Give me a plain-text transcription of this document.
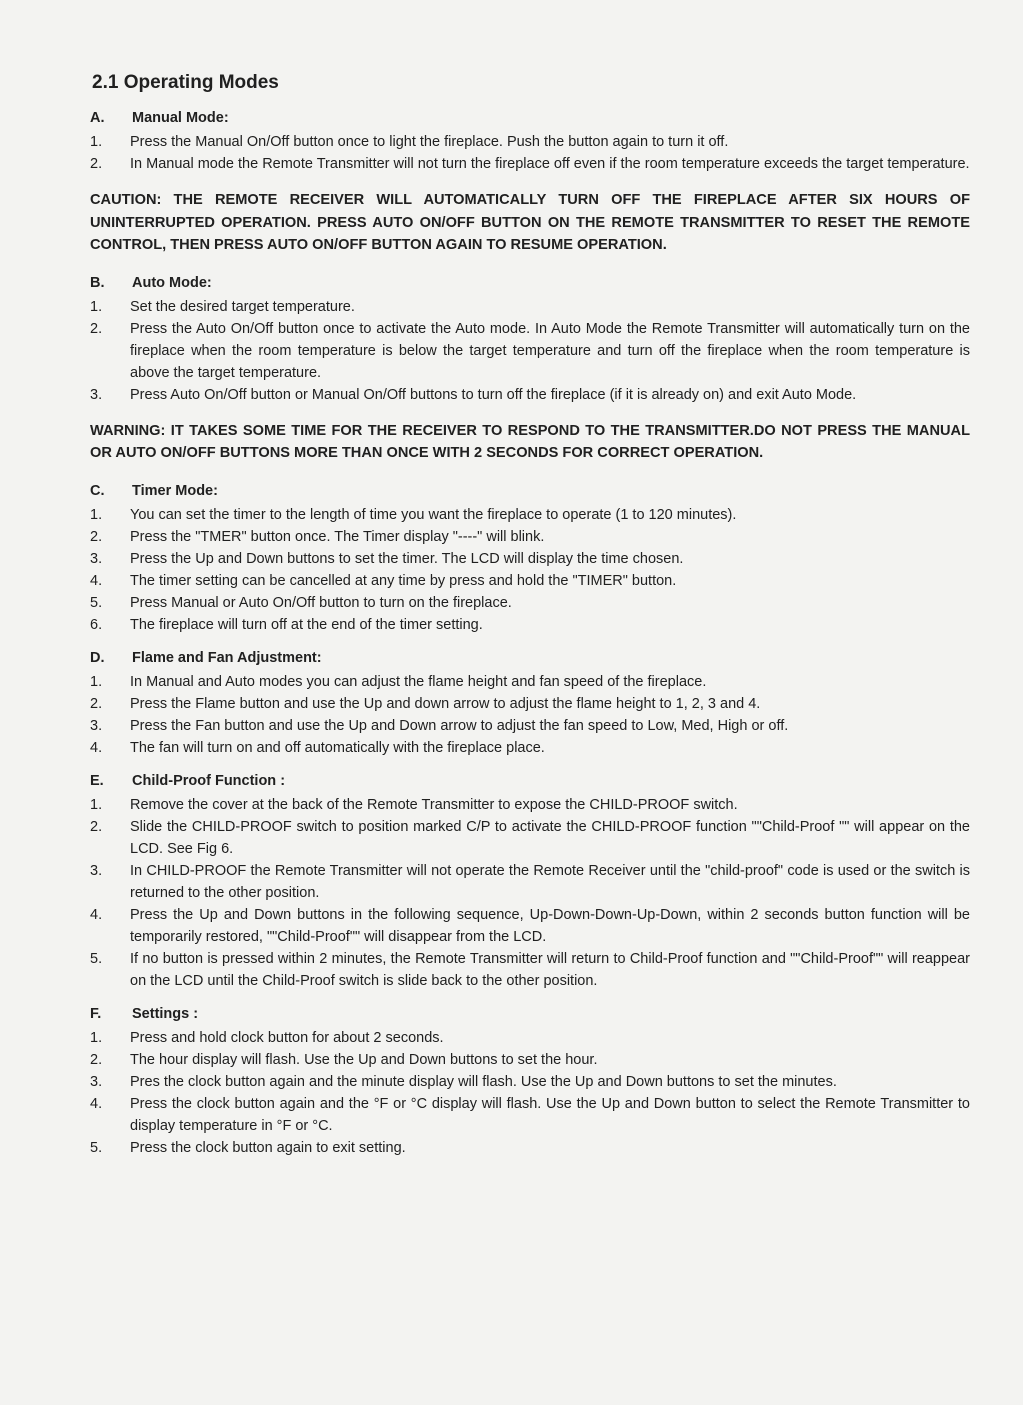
2.1 Operating Modes
A.	Manual Mode:
1.	Press the Manual On/Off button once to light the fireplace. Push the button again to turn it off.
2.	In Manual mode the Remote Transmitter will not turn the fireplace off even if the room temperature exceeds the target temperature.
CAUTION: THE REMOTE RECEIVER WILL AUTOMATICALLY TURN OFF THE FIREPLACE AFTER SIX HOURS OF UNINTERRUPTED OPERATION. PRESS AUTO ON/OFF BUTTON ON THE REMOTE TRANSMITTER TO RESET THE REMOTE CONTROL, THEN PRESS AUTO ON/OFF BUTTON AGAIN TO RESUME OPERATION.
B.	Auto Mode:
1.	Set the desired target temperature.
2.	Press the Auto On/Off button once to activate the Auto mode. In Auto Mode the Remote Transmitter will automatically turn on the fireplace when the room temperature is below the target temperature and turn off the fireplace when the room temperature is above the target temperature.
3.	Press Auto On/Off button or Manual On/Off buttons to turn off the fireplace (if it is already on) and exit Auto Mode.
WARNING: IT TAKES SOME TIME FOR THE RECEIVER TO RESPOND TO THE TRANSMITTER.DO NOT PRESS THE MANUAL OR AUTO ON/OFF BUTTONS MORE THAN ONCE WITH 2 SECONDS FOR CORRECT OPERATION.
C.	Timer Mode:
1.	You can set the timer to the length of time you want the fireplace to operate (1 to 120 minutes).
2.	Press the "TMER" button once. The Timer display "----" will blink.
3.	Press the Up and Down buttons to set the timer. The LCD will display the time chosen.
4.	The timer setting can be cancelled at any time by press and hold the "TIMER" button.
5.	Press Manual or Auto On/Off button to turn on the fireplace.
6.	The fireplace will turn off at the end of the timer setting.
D.	Flame and Fan Adjustment:
1.	In Manual and Auto modes you can adjust the flame height and fan speed of the fireplace.
2.	Press the Flame button and use the Up and down arrow to adjust the flame height to 1, 2, 3 and 4.
3.	Press the Fan button and use the Up and Down arrow to adjust the fan speed to Low, Med, High or off.
4.	The fan will turn on and off automatically with the fireplace place.
E.	Child-Proof Function :
1.	Remove the cover at the back of the Remote Transmitter to expose the CHILD-PROOF switch.
2.	Slide the CHILD-PROOF switch to position marked C/P to activate the CHILD-PROOF function ""Child-Proof "" will appear on the LCD. See Fig 6.
3.	In CHILD-PROOF the Remote Transmitter will not operate the Remote Receiver until the "child-proof" code is used or the switch is returned to the other position.
4.	Press the Up and Down buttons in the following sequence, Up-Down-Down-Up-Down, within 2 seconds button function will be temporarily restored, ""Child-Proof"" will disappear from the LCD.
5.	If no button is pressed within 2 minutes, the Remote Transmitter will return to Child-Proof function and ""Child-Proof"" will reappear on the LCD until the Child-Proof switch is slide back to the other position.
F.	Settings :
1.	Press and hold clock button for about 2 seconds.
2.	The hour display will flash. Use the Up and Down buttons to set the hour.
3.	Pres the clock button again and the minute display will flash. Use the Up and Down buttons to set the minutes.
4.	Press the clock button again and the °F or °C display will flash. Use the Up and Down button to select the Remote Transmitter to display temperature in °F or °C.
5.	Press the clock button again to exit setting.
